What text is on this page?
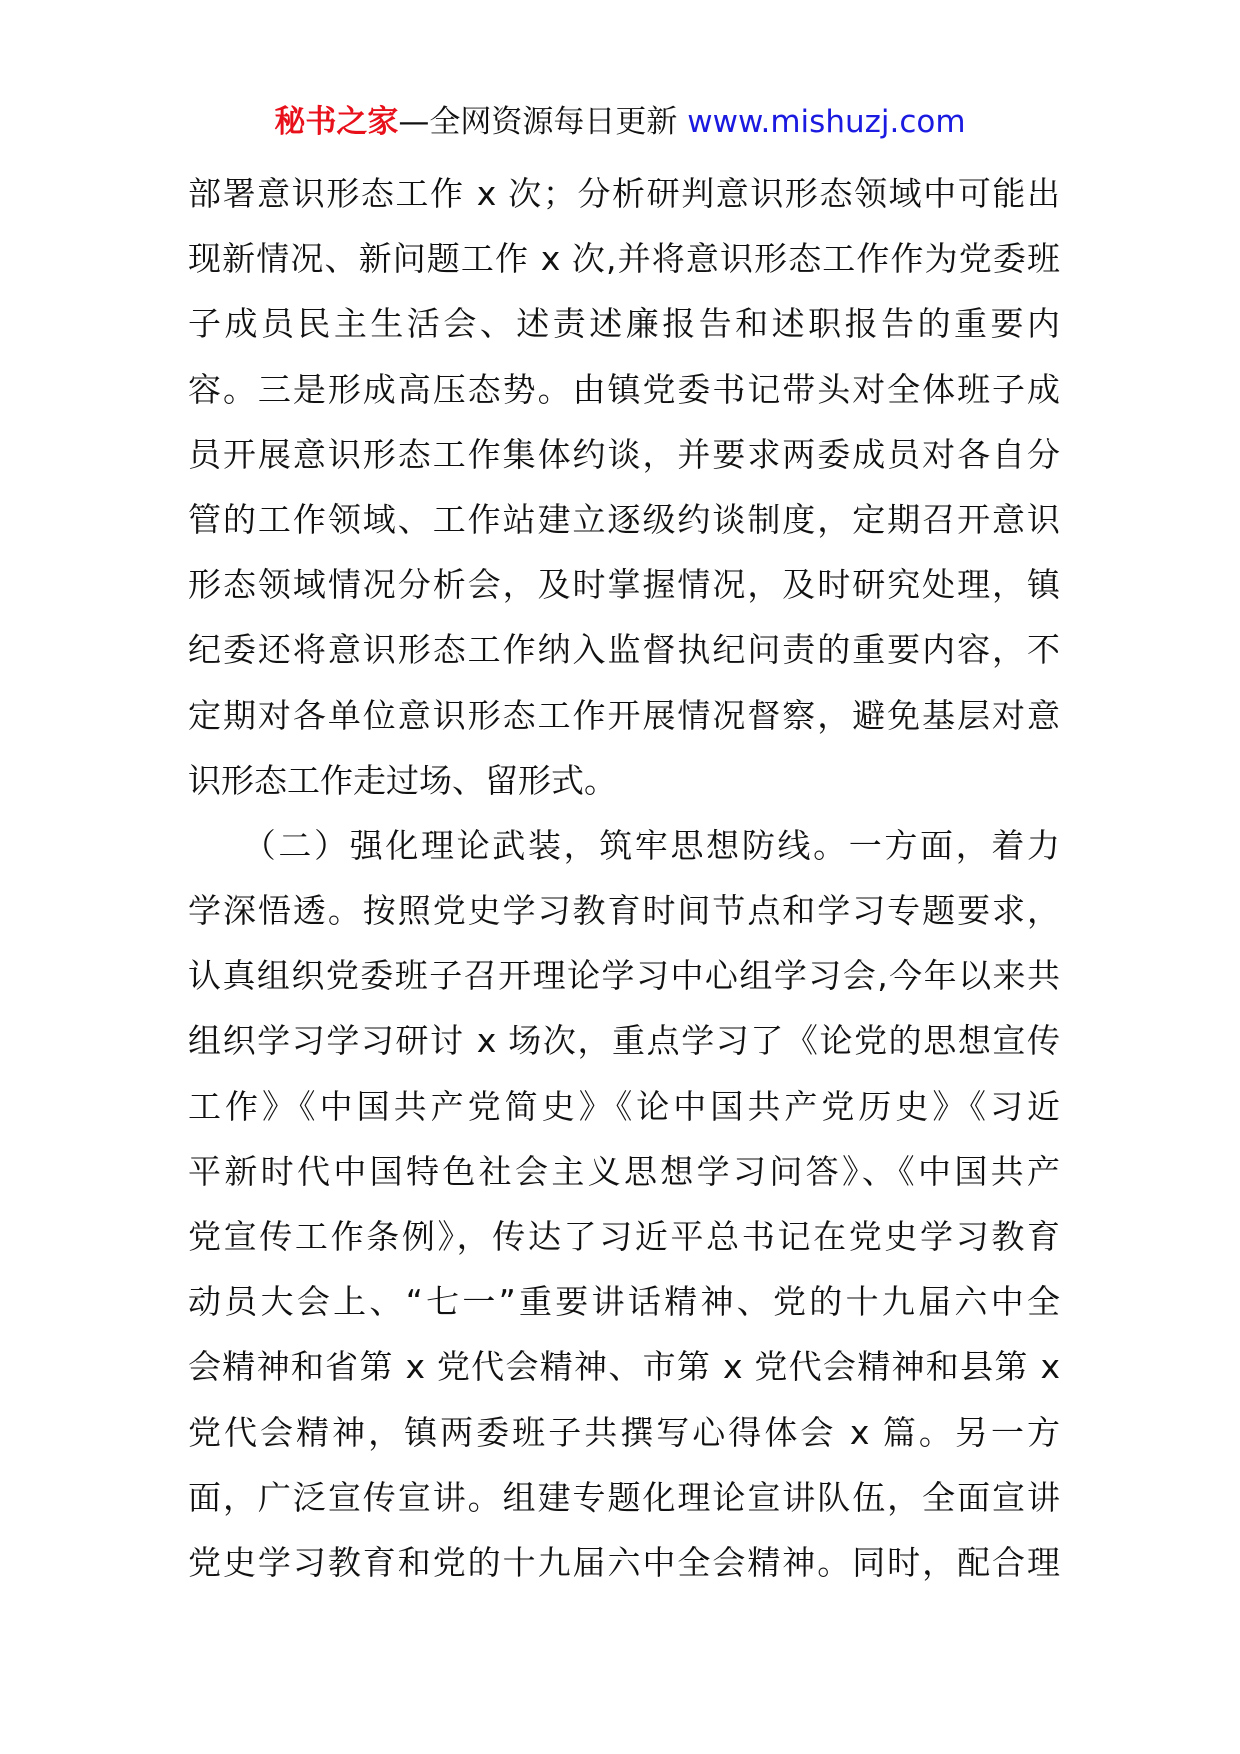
秘书之家—全网资源每日更新 www.mishuzj.com
部署意识形态工作 x 次；分析研判意识形态领域中可能出
现新情况、新问题工作 x 次,并将意识形态工作作为党委班
子成员民主生活会、述责述廉报告和述职报告的重要内
容。三是形成高压态势。由镇党委书记带头对全体班子成
员开展意识形态工作集体约谈，并要求两委成员对各自分
管的工作领域、工作站建立逐级约谈制度，定期召开意识
形态领域情况分析会，及时掌握情况，及时研究处理，镇
纪委还将意识形态工作纳入监督执纪问责的重要内容，不
定期对各单位意识形态工作开展情况督察，避免基层对意
识形态工作走过场、留形式。
　　（二）强化理论武装，筑牢思想防线。一方面，着力
学深悟透。按照党史学习教育时间节点和学习专题要求，
认真组织党委班子召开理论学习中心组学习会,今年以来共
组织学习学习研讨 x 场次，重点学习了《论党的思想宣传
工作》《中国共产党简史》《论中国共产党历史》《习近
平新时代中国特色社会主义思想学习问答》、《中国共产
党宣传工作条例》，传达了习近平总书记在党史学习教育
动员大会上、“七一”重要讲话精神、党的十九届六中全
会精神和省第 x 党代会精神、市第 x 党代会精神和县第 x
党代会精神，镇两委班子共撰写心得体会 x 篇。另一方
面，广泛宣传宣讲。组建专题化理论宣讲队伍，全面宣讲
党史学习教育和党的十九届六中全会精神。同时，配合理
